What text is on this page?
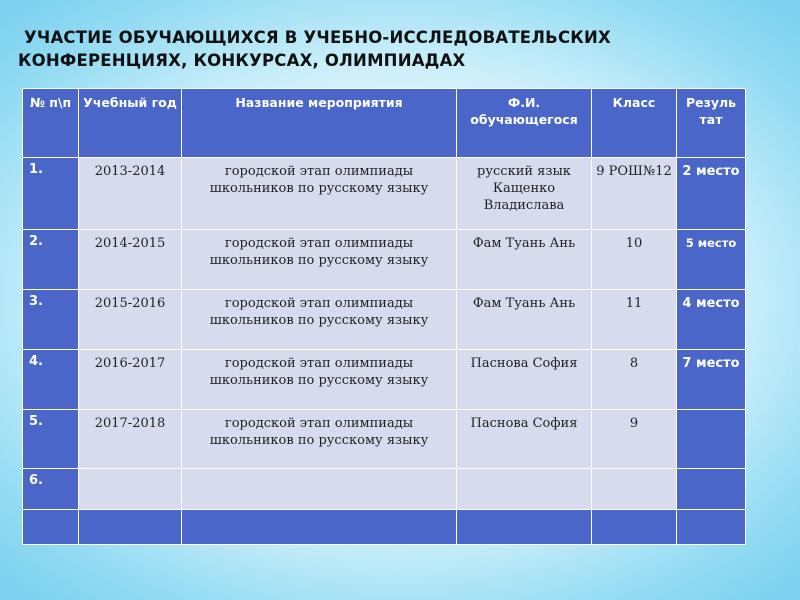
УЧАСТИЕ ОБУЧАЮЩИХСЯ В УЧЕБНО-ИССЛЕДОВАТЕЛЬСКИХ
КОНФЕРЕНЦИЯХ, КОНКУРСАХ, ОЛИМПИАДАХ
№ п\п	Учебный год	Название мероприятия	Ф.И. обучающегося	Класс	Резуль тат
1.	2013-2014	городской этап олимпиады школьников по русскому языку	русский язык Кащенко Владислава	9 РОШ№12	2 место

2.	2014-2015	городской этап олимпиады школьников по русскому языку	Фам Туань Ань	10	5 место

3.	2015-2016	городской этап олимпиады школьников по русскому языку	Фам Туань Ань	11	4 место

4.	2016-2017	городской этап олимпиады школьников по русскому языку	Паснова София	8	7 место

5.	2017-2018	городской этап олимпиады школьников по русскому языку	Паснова София	9	

6.	
